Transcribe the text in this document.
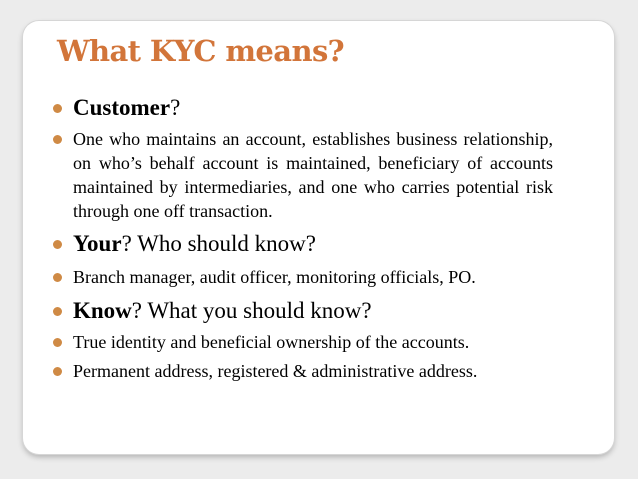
What KYC means?
Customer?
One who maintains an account, establishes business relationship, on who’s behalf account is maintained, beneficiary of accounts maintained by intermediaries, and one who carries potential risk through one off transaction.
Your? Who should know?
Branch manager, audit officer, monitoring officials, PO.
Know? What you should know?
True identity and beneficial ownership of the accounts.
Permanent address, registered & administrative address.
